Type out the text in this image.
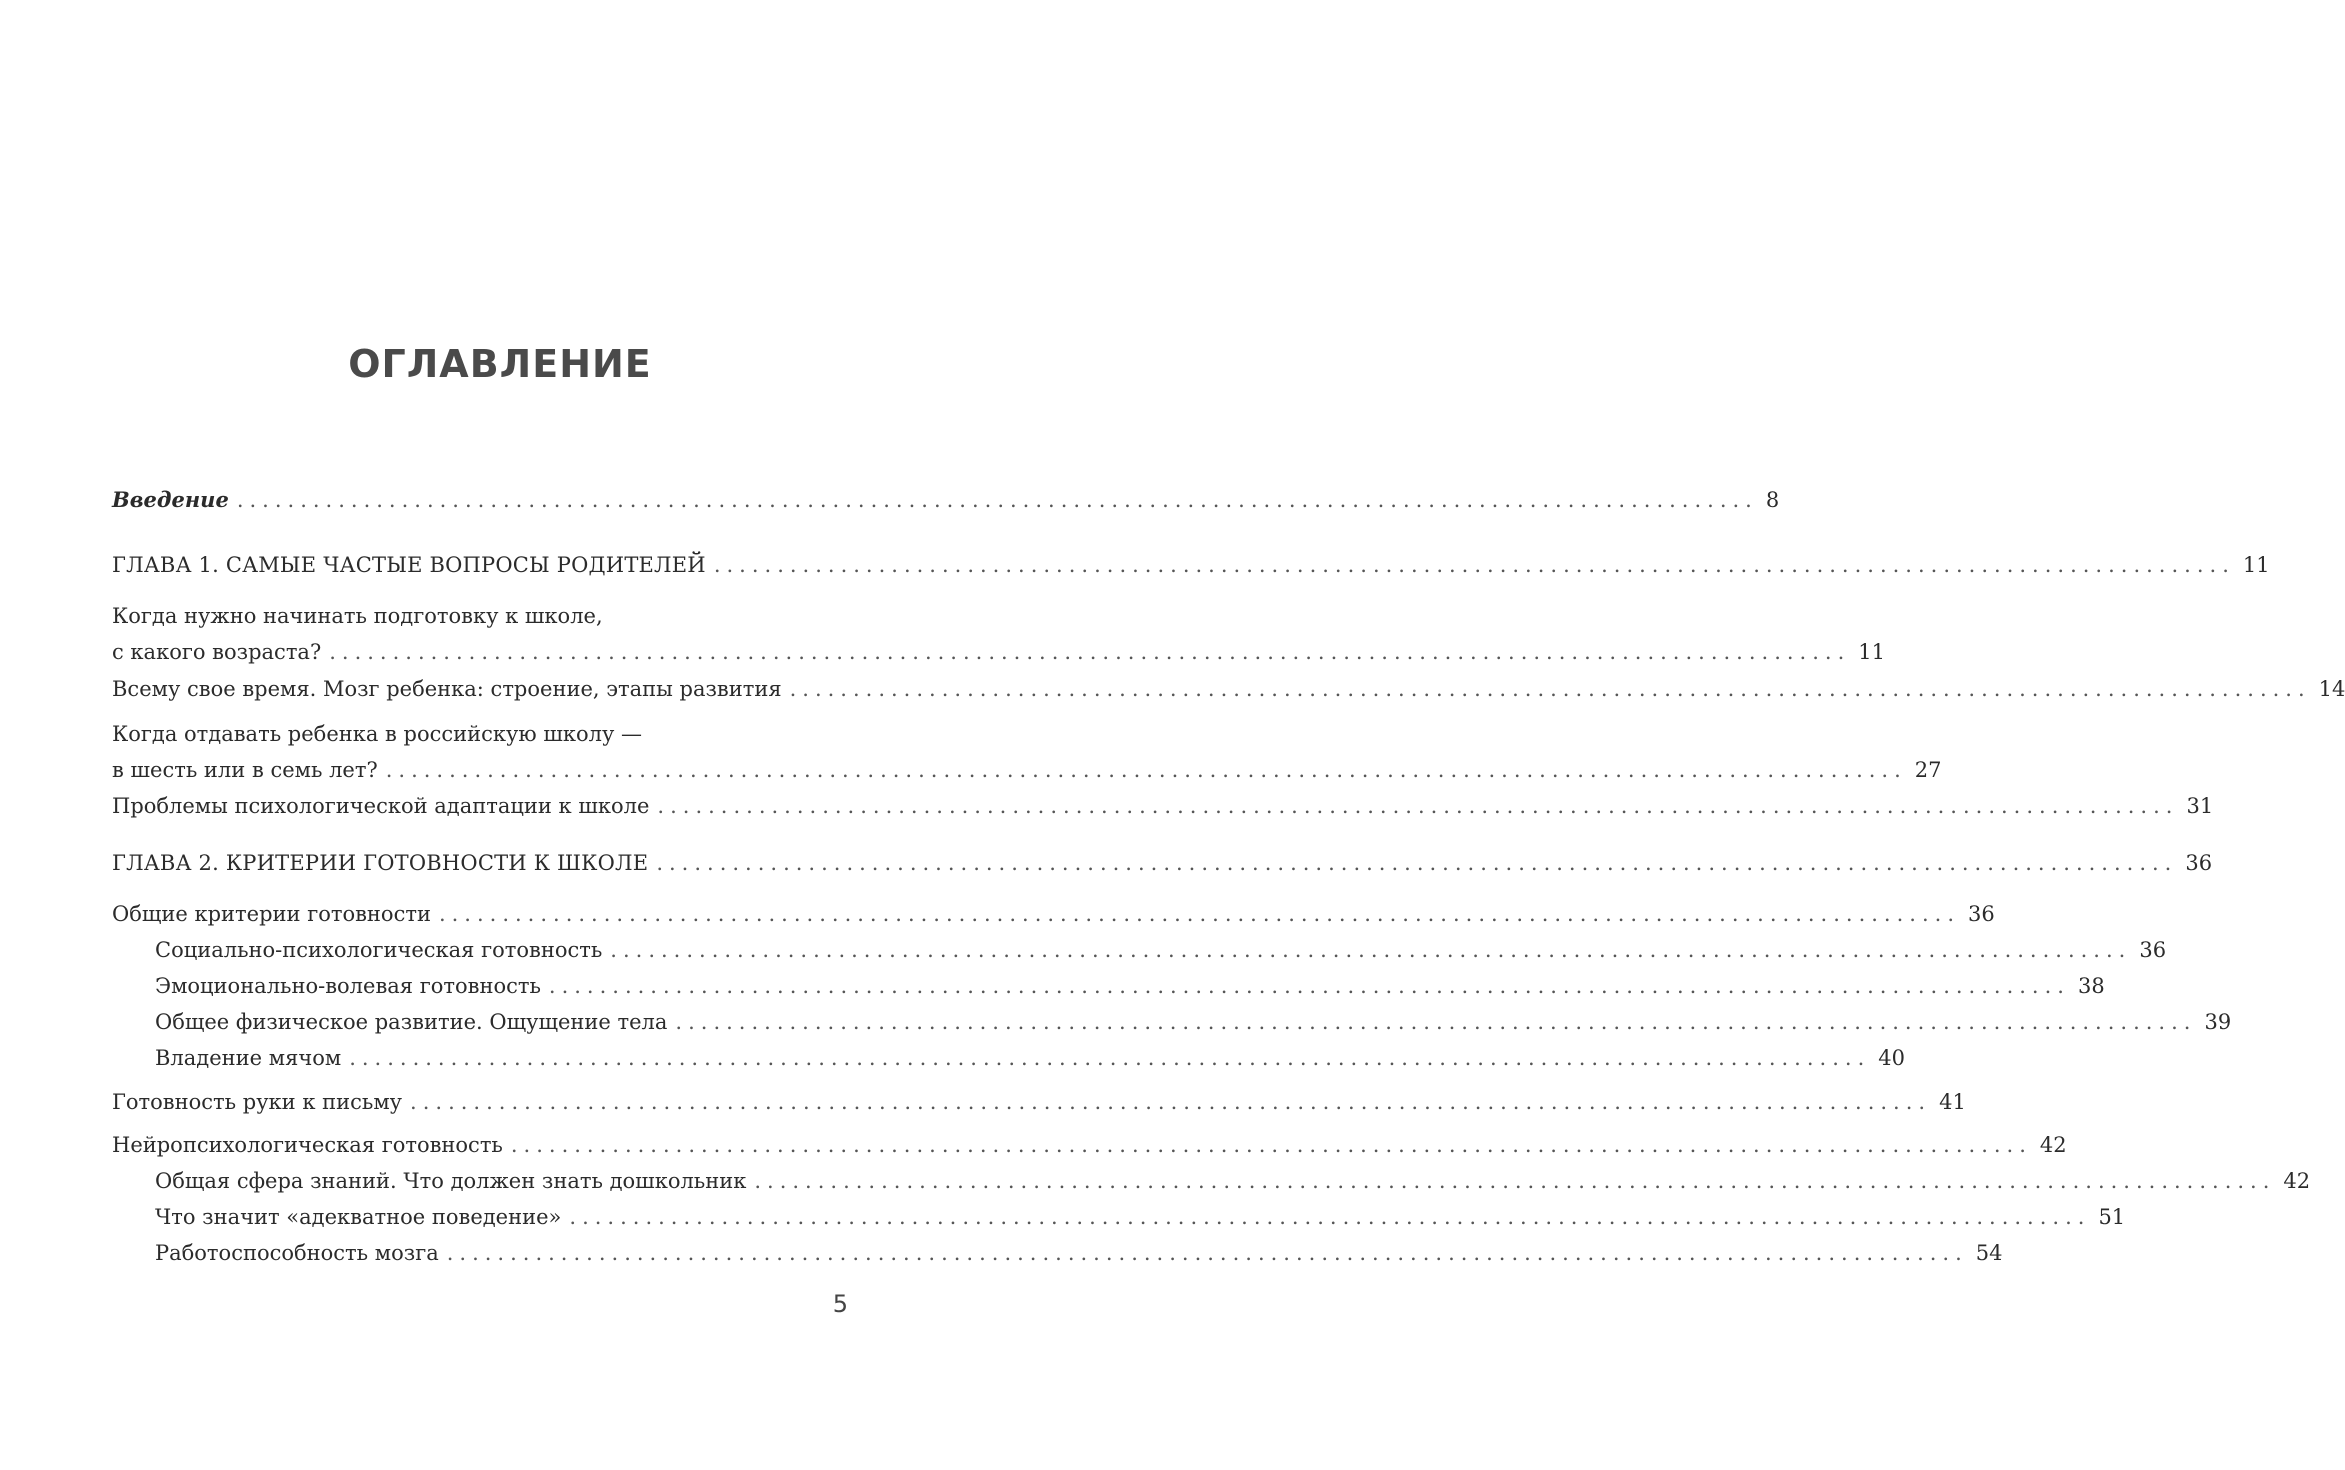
ОГЛАВЛЕНИЕ
Введение ........................................................................................................................ 8
ГЛАВА 1. САМЫЕ ЧАСТЫЕ ВОПРОСЫ РОДИТЕЛЕЙ ........................................................................................................................ 11
Когда нужно начинать подготовку к школе,
с какого возраста? ........................................................................................................................ 11
Всему свое время. Мозг ребенка: строение, этапы развития ........................................................................................................................ 14
Когда отдавать ребенка в российскую школу —
в шесть или в семь лет? ........................................................................................................................ 27
Проблемы психологической адаптации к школе ........................................................................................................................ 31
ГЛАВА 2. КРИТЕРИИ ГОТОВНОСТИ К ШКОЛЕ ........................................................................................................................ 36
Общие критерии готовности ........................................................................................................................ 36
Социально-психологическая готовность ........................................................................................................................ 36
Эмоционально-волевая готовность ........................................................................................................................ 38
Общее физическое развитие. Ощущение тела ........................................................................................................................ 39
Владение мячом ........................................................................................................................ 40
Готовность руки к письму ........................................................................................................................ 41
Нейропсихологическая готовность ........................................................................................................................ 42
Общая сфера знаний. Что должен знать дошкольник ........................................................................................................................ 42
Что значит «адекватное поведение» ........................................................................................................................ 51
Работоспособность мозга ........................................................................................................................ 54
5
